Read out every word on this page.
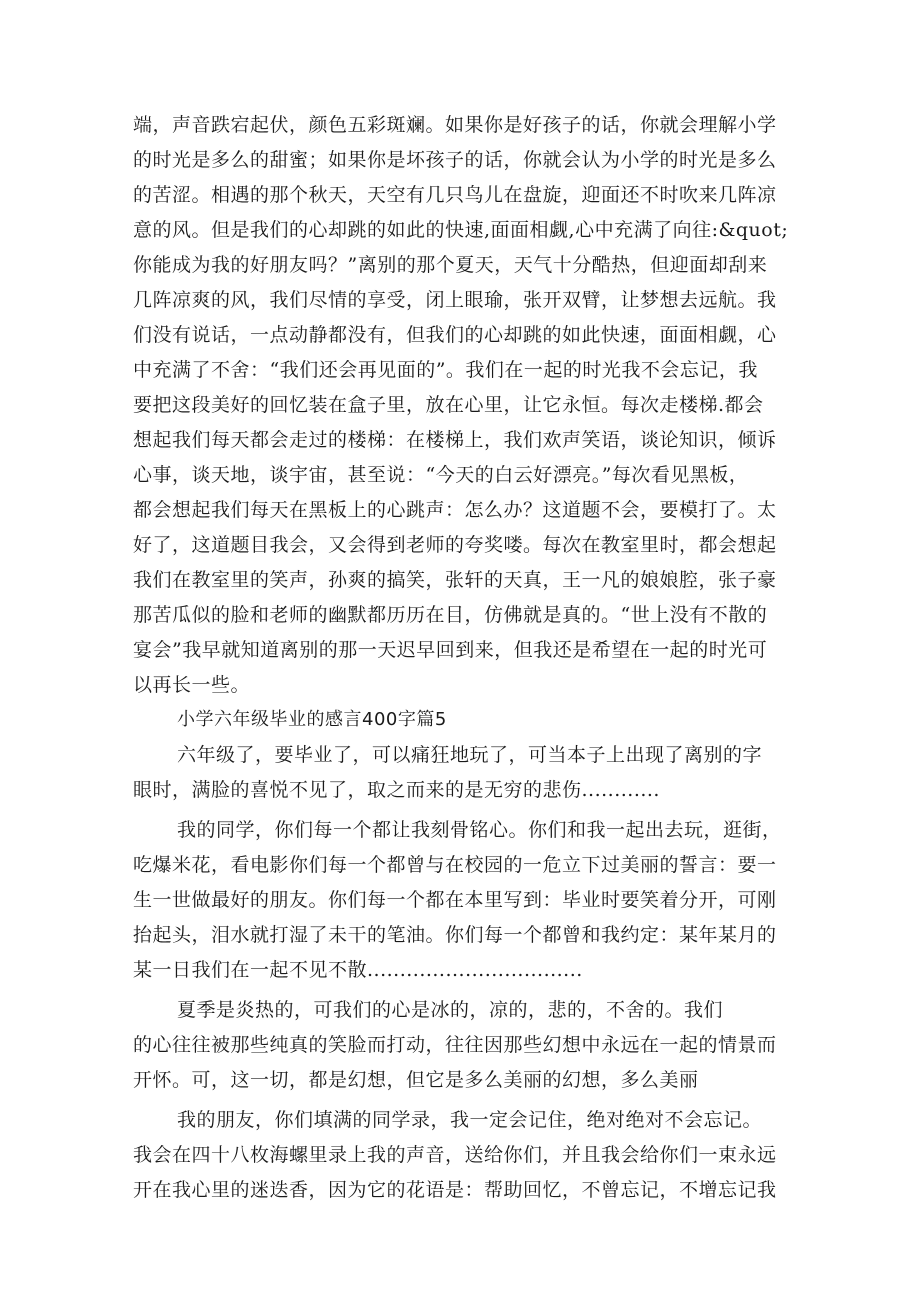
端，声音跌宕起伏，颜色五彩斑斓。如果你是好孩子的话，你就会理解小学
的时光是多么的甜蜜；如果你是坏孩子的话，你就会认为小学的时光是多么
的苦涩。相遇的那个秋天，天空有几只鸟儿在盘旋，迎面还不时吹来几阵凉
意的风。但是我们的心却跳的如此的快速,面面相觑,心中充满了向往:&quot;
你能成为我的好朋友吗？”离别的那个夏天，天气十分酷热，但迎面却刮来
几阵凉爽的风，我们尽情的享受，闭上眼瑜，张开双臂，让梦想去远航。我
们没有说话，一点动静都没有，但我们的心却跳的如此快速，面面相觑，心
中充满了不舍：“我们还会再见面的”。我们在一起的时光我不会忘记，我
要把这段美好的回忆装在盒子里，放在心里，让它永恒。每次走楼梯.都会
想起我们每天都会走过的楼梯：在楼梯上，我们欢声笑语，谈论知识，倾诉
心事，谈天地，谈宇宙，甚至说：“今天的白云好漂亮。”每次看见黑板，
都会想起我们每天在黑板上的心跳声：怎么办？这道题不会，要模打了。太
好了，这道题目我会，又会得到老师的夸奖喽。每次在教室里时，都会想起
我们在教室里的笑声，孙爽的搞笑，张轩的天真，王一凡的娘娘腔，张子豪
那苦瓜似的脸和老师的幽默都历历在目，仿佛就是真的。“世上没有不散的
宴会”我早就知道离别的那一天迟早回到来，但我还是希望在一起的时光可
以再长一些。
小学六年级毕业的感言400字篇5
六年级了，要毕业了，可以痛狂地玩了，可当本子上出现了离别的字
眼时，满脸的喜悦不见了，取之而来的是无穷的悲伤............
我的同学，你们每一个都让我刻骨铭心。你们和我一起出去玩，逛街，
吃爆米花，看电影你们每一个都曾与在校园的一危立下过美丽的誓言：要一
生一世做最好的朋友。你们每一个都在本里写到：毕业时要笑着分开，可刚
抬起头，泪水就打湿了未干的笔油。你们每一个都曾和我约定：某年某月的
某一日我们在一起不见不散.................................
夏季是炎热的，可我们的心是冰的，凉的，悲的，不舍的。我们
的心往往被那些纯真的笑脸而打动，往往因那些幻想中永远在一起的情景而
开怀。可，这一切，都是幻想，但它是多么美丽的幻想，多么美丽
我的朋友，你们填满的同学录，我一定会记住，绝对绝对不会忘记。
我会在四十八枚海螺里录上我的声音，送给你们，并且我会给你们一束永远
开在我心里的迷迭香，因为它的花语是：帮助回忆，不曾忘记，不增忘记我
